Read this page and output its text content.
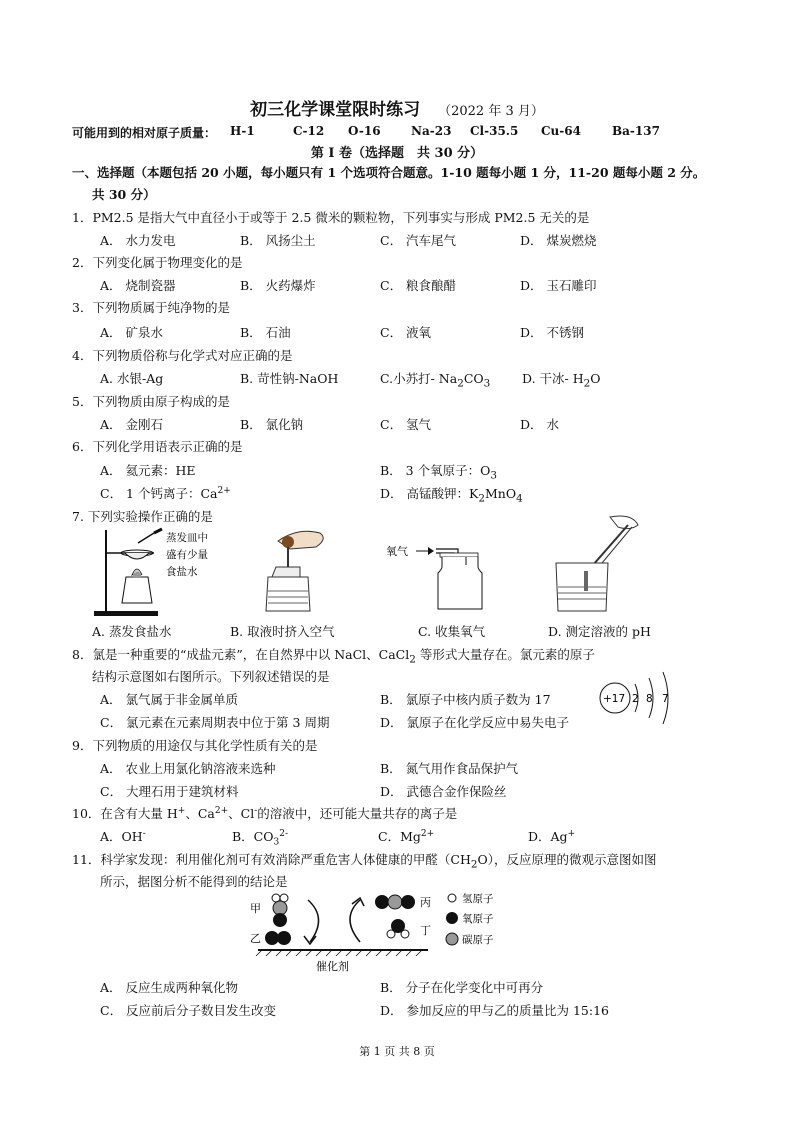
初三化学课堂限时练习 （2022 年 3 月）
可能用到的相对原子质量： H-1	C-12 O-16	Na-23 Cl-35.5 Cu-64	Ba-137
第 I 卷（选择题　共 30 分）
一、选择题（本题包括 20 小题，每小题只有 1 个选项符合题意。1-10 题每小题 1 分，11-20 题每小题 2 分。
共 30 分）
1．PM2.5 是指大气中直径小于或等于 2.5 微米的颗粒物，下列事实与形成 PM2.5 无关的是
A． 水力发电	B． 风扬尘土	C． 汽车尾气	D． 煤炭燃烧
2．下列变化属于物理变化的是
A． 烧制瓷器	B． 火药爆炸	C． 粮食酿醋	D． 玉石雕印
3．下列物质属于纯净物的是
A． 矿泉水	B． 石油	C． 液氧	D． 不锈钢
4．下列物质俗称与化学式对应正确的是
A. 水银-Ag	B. 苛性钠-NaOH	C.小苏打- $Na_2CO_3$	D. 干冰- $H_2O$
5．下列物质由原子构成的是
A． 金刚石	B． 氯化钠	C． 氢气	D． 水
6．下列化学用语表示正确的是
A． 氦元素：HE	B． 3 个氧原子：$O_3$
C． 1 个钙离子：$Ca^{2+}$	D． 高锰酸钾：$K_2MnO_4$
7. 下列实验操作正确的是
蒸发皿中
盛有少量
食盐水
氧气
A. 蒸发食盐水	B. 取液时挤入空气	C. 收集氧气	D. 测定溶液的 pH
8．氯是一种重要的“成盐元素”，在自然界中以 NaCl、CaCl$_2$ 等形式大量存在。氯元素的原子
结构示意图如右图所示。下列叙述错误的是
A． 氯气属于非金属单质	B． 氯原子中核内质子数为 17
C． 氯元素在元素周期表中位于第 3 周期	D． 氯原子在化学反应中易失电子
+17 2 8 7
9．下列物质的用途仅与其化学性质有关的是
A． 农业上用氯化钠溶液来选种	B． 氮气用作食品保护气
C． 大理石用于建筑材料	D． 武德合金作保险丝
10．在含有大量 H+、$Ca^{2+}$、Cl-的溶液中，还可能大量共存的离子是
A．OH-	B．$CO_3^{2-}$	C．$Mg^{2+}$	D．Ag+
11．科学家发现：利用催化剂可有效消除严重危害人体健康的甲醛$(CH_2O)$，反应原理的微观示意图如图
所示，据图分析不能得到的结论是
甲
乙
催化剂
丙
丁
氢原子
氧原子
碳原子
A． 反应生成两种氧化物	B． 分子在化学变化中可再分
C． 反应前后分子数目发生改变	D． 参加反应的甲与乙的质量比为 15:16
第 1 页 共 8 页
